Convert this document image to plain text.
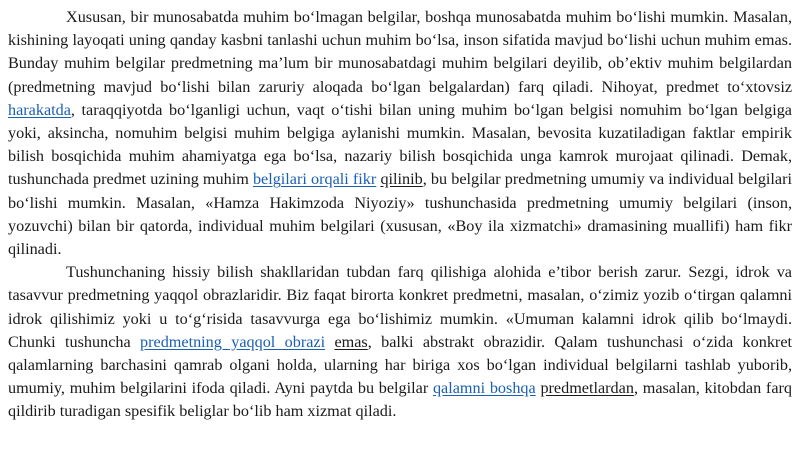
Xususan, bir munosabatda muhim bo‘lmagan belgilar, boshqa munosabatda muhim bo‘lishi mumkin. Masalan, kishining layoqati uning qanday kasbni tanlashi uchun muhim bo‘lsa, inson sifatida mavjud bo‘lishi uchun muhim emas. Bunday muhim belgilar predmetning ma’lum bir munosabatdagi muhim belgilari deyilib, ob’ektiv muhim belgilardan (predmetning mavjud bo‘lishi bilan zaruriy aloqada bo‘lgan belgalardan) farq qiladi. Nihoyat, predmet to‘xtovsiz harakatda, taraqqiyotda bo‘lganligi uchun, vaqt o‘tishi bilan uning muhim bo‘lgan belgisi nomuhim bo‘lgan belgiga yoki, aksincha, nomuhim belgisi muhim belgiga aylanishi mumkin. Masalan, bevosita kuzatiladigan faktlar empirik bilish bosqichida muhim ahamiyatga ega bo‘lsa, nazariy bilish bosqichida unga kamrok murojaat qilinadi. Demak, tushunchada predmet uzining muhim belgilari orqali fikr qilinib, bu belgilar predmetning umumiy va individual belgilari bo‘lishi mumkin. Masalan, «Hamza Hakimzoda Niyoziy» tushunchasida predmetning umumiy belgilari (inson, yozuvchi) bilan bir qatorda, individual muhim belgilari (xususan, «Boy ila xizmatchi» dramasining muallifi) ham fikr qilinadi.

Tushunchaning hissiy bilish shakllaridan tubdan farq qilishiga alohida e’tibor berish zarur. Sezgi, idrok va tasavvur predmetning yaqqol obrazlaridir. Biz faqat birorta konkret predmetni, masalan, o‘zimiz yozib o‘tirgan qalamni idrok qilishimiz yoki u to‘g‘risida tasavvurga ega bo‘lishimiz mumkin. «Umuman kalamni idrok qilib bo‘lmaydi. Chunki tushuncha predmetning yaqqol obrazi emas, balki abstrakt obrazidir. Qalam tushunchasi o‘zida konkret qalamlarning barchasini qamrab olgani holda, ularning har biriga xos bo‘lgan individual belgilarni tashlab yuborib, umumiy, muhim belgilarini ifoda qiladi. Ayni paytda bu belgilar qalamni boshqa predmetlardan, masalan, kitobdan farq qildirib turadigan spesifik beliglar bo‘lib ham xizmat qiladi.
